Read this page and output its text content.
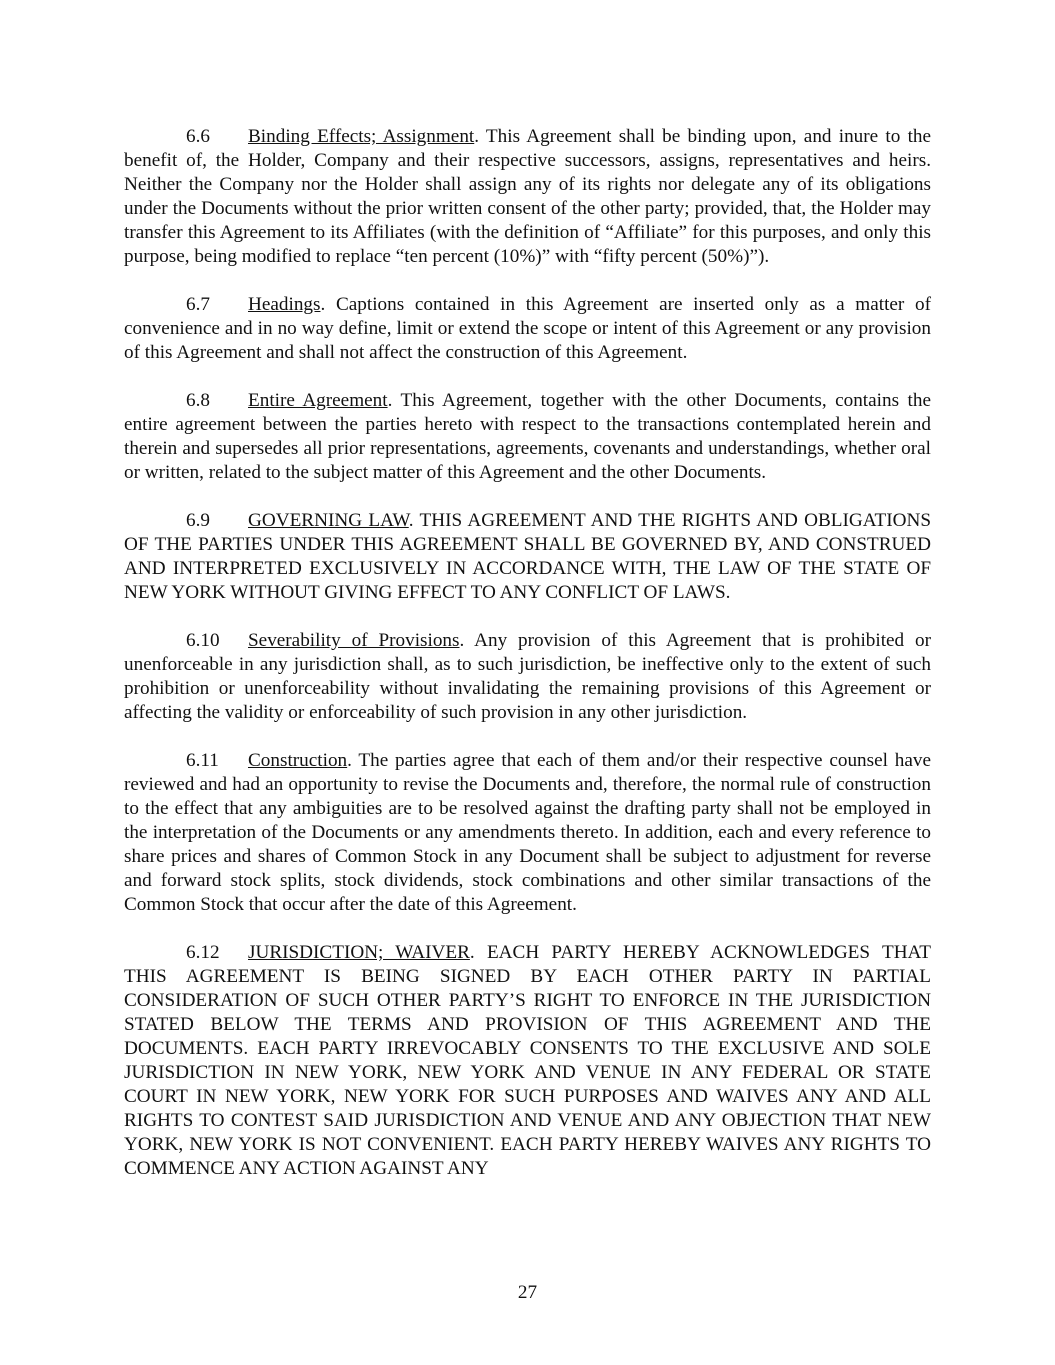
6.6 Binding Effects; Assignment. This Agreement shall be binding upon, and inure to the benefit of, the Holder, Company and their respective successors, assigns, representatives and heirs. Neither the Company nor the Holder shall assign any of its rights nor delegate any of its obligations under the Documents without the prior written consent of the other party; provided, that, the Holder may transfer this Agreement to its Affiliates (with the definition of “Affiliate” for this purposes, and only this purpose, being modified to replace “ten percent (10%)” with “fifty percent (50%)”).

6.7 Headings. Captions contained in this Agreement are inserted only as a matter of convenience and in no way define, limit or extend the scope or intent of this Agreement or any provision of this Agreement and shall not affect the construction of this Agreement.

6.8 Entire Agreement. This Agreement, together with the other Documents, contains the entire agreement between the parties hereto with respect to the transactions contemplated herein and therein and supersedes all prior representations, agreements, covenants and understandings, whether oral or written, related to the subject matter of this Agreement and the other Documents.

6.9 GOVERNING LAW. THIS AGREEMENT AND THE RIGHTS AND OBLIGATIONS OF THE PARTIES UNDER THIS AGREEMENT SHALL BE GOVERNED BY, AND CONSTRUED AND INTERPRETED EXCLUSIVELY IN ACCORDANCE WITH, THE LAW OF THE STATE OF NEW YORK WITHOUT GIVING EFFECT TO ANY CONFLICT OF LAWS.

6.10 Severability of Provisions. Any provision of this Agreement that is prohibited or unenforceable in any jurisdiction shall, as to such jurisdiction, be ineffective only to the extent of such prohibition or unenforceability without invalidating the remaining provisions of this Agreement or affecting the validity or enforceability of such provision in any other jurisdiction.

6.11 Construction. The parties agree that each of them and/or their respective counsel have reviewed and had an opportunity to revise the Documents and, therefore, the normal rule of construction to the effect that any ambiguities are to be resolved against the drafting party shall not be employed in the interpretation of the Documents or any amendments thereto. In addition, each and every reference to share prices and shares of Common Stock in any Document shall be subject to adjustment for reverse and forward stock splits, stock dividends, stock combinations and other similar transactions of the Common Stock that occur after the date of this Agreement.

6.12 JURISDICTION; WAIVER. EACH PARTY HEREBY ACKNOWLEDGES THAT THIS AGREEMENT IS BEING SIGNED BY EACH OTHER PARTY IN PARTIAL CONSIDERATION OF SUCH OTHER PARTY’S RIGHT TO ENFORCE IN THE JURISDICTION STATED BELOW THE TERMS AND PROVISION OF THIS AGREEMENT AND THE DOCUMENTS. EACH PARTY IRREVOCABLY CONSENTS TO THE EXCLUSIVE AND SOLE JURISDICTION IN NEW YORK, NEW YORK AND VENUE IN ANY FEDERAL OR STATE COURT IN NEW YORK, NEW YORK FOR SUCH PURPOSES AND WAIVES ANY AND ALL RIGHTS TO CONTEST SAID JURISDICTION AND VENUE AND ANY OBJECTION THAT NEW YORK, NEW YORK IS NOT CONVENIENT. EACH PARTY HEREBY WAIVES ANY RIGHTS TO COMMENCE ANY ACTION AGAINST ANY

27
